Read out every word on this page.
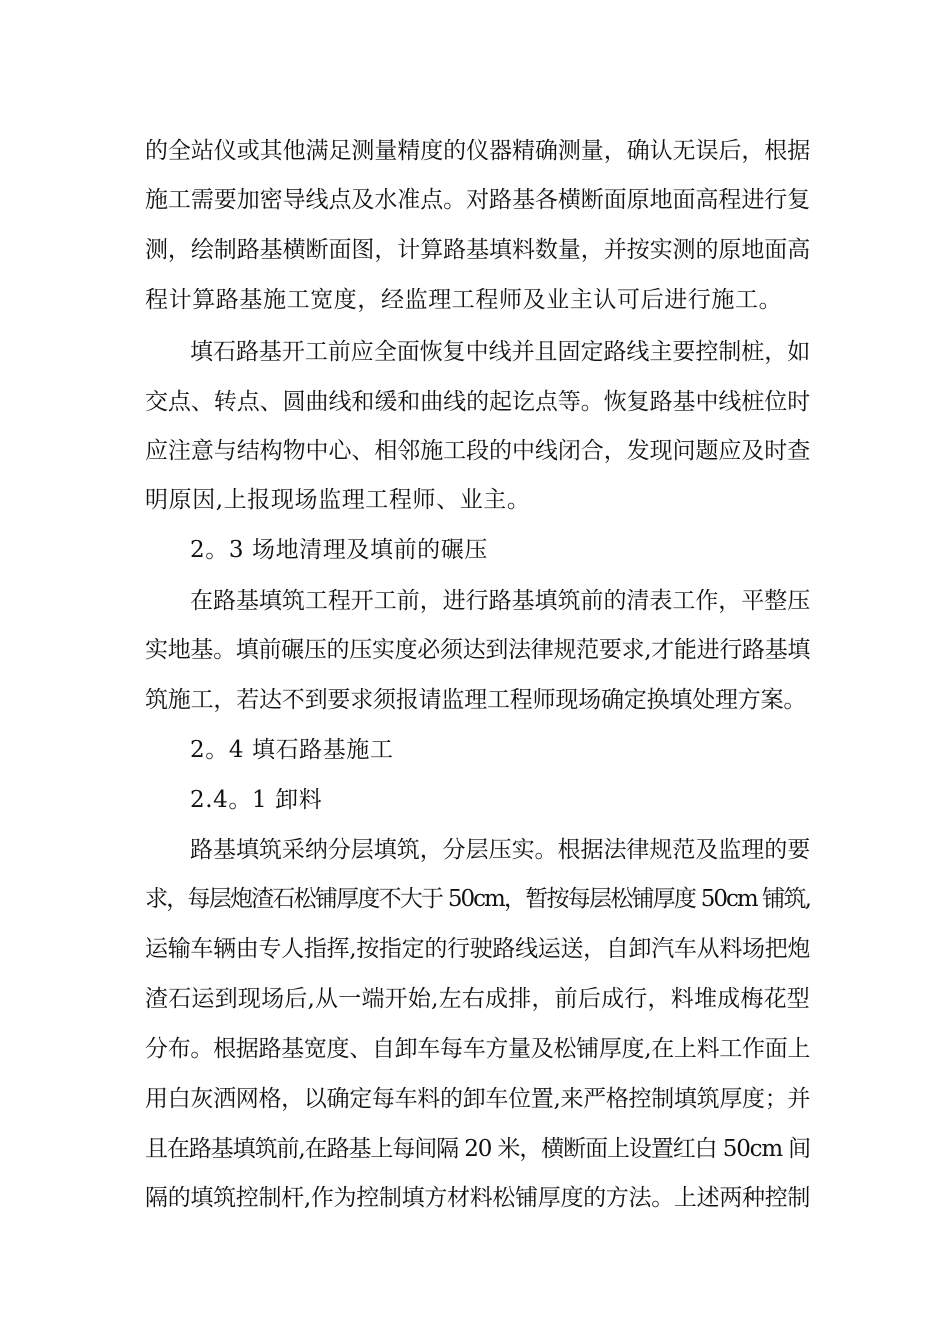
的全站仪或其他满足测量精度的仪器精确测量，确认无误后，根据
施工需要加密导线点及水准点。对路基各横断面原地面高程进行复
测，绘制路基横断面图，计算路基填料数量，并按实测的原地面高
程计算路基施工宽度，经监理工程师及业主认可后进行施工。
填石路基开工前应全面恢复中线并且固定路线主要控制桩，如
交点、转点、圆曲线和缓和曲线的起讫点等。恢复路基中线桩位时
应注意与结构物中心、相邻施工段的中线闭合，发现问题应及时查
明原因,上报现场监理工程师、业主。
2。3 场地清理及填前的碾压
在路基填筑工程开工前，进行路基填筑前的清表工作，平整压
实地基。填前碾压的压实度必须达到法律规范要求,才能进行路基填
筑施工，若达不到要求须报请监理工程师现场确定换填处理方案。
2。4 填石路基施工
2.4。1 卸料
路基填筑采纳分层填筑，分层压实。根据法律规范及监理的要
求，每层炮渣石松铺厚度不大于 50cm，暂按每层松铺厚度 50cm 铺筑,
运输车辆由专人指挥,按指定的行驶路线运送，自卸汽车从料场把炮
渣石运到现场后,从一端开始,左右成排，前后成行，料堆成梅花型
分布。根据路基宽度、自卸车每车方量及松铺厚度,在上料工作面上
用白灰洒网格，以确定每车料的卸车位置,来严格控制填筑厚度；并
且在路基填筑前,在路基上每间隔 20 米，横断面上设置红白 50cm 间
隔的填筑控制杆,作为控制填方材料松铺厚度的方法。上述两种控制
